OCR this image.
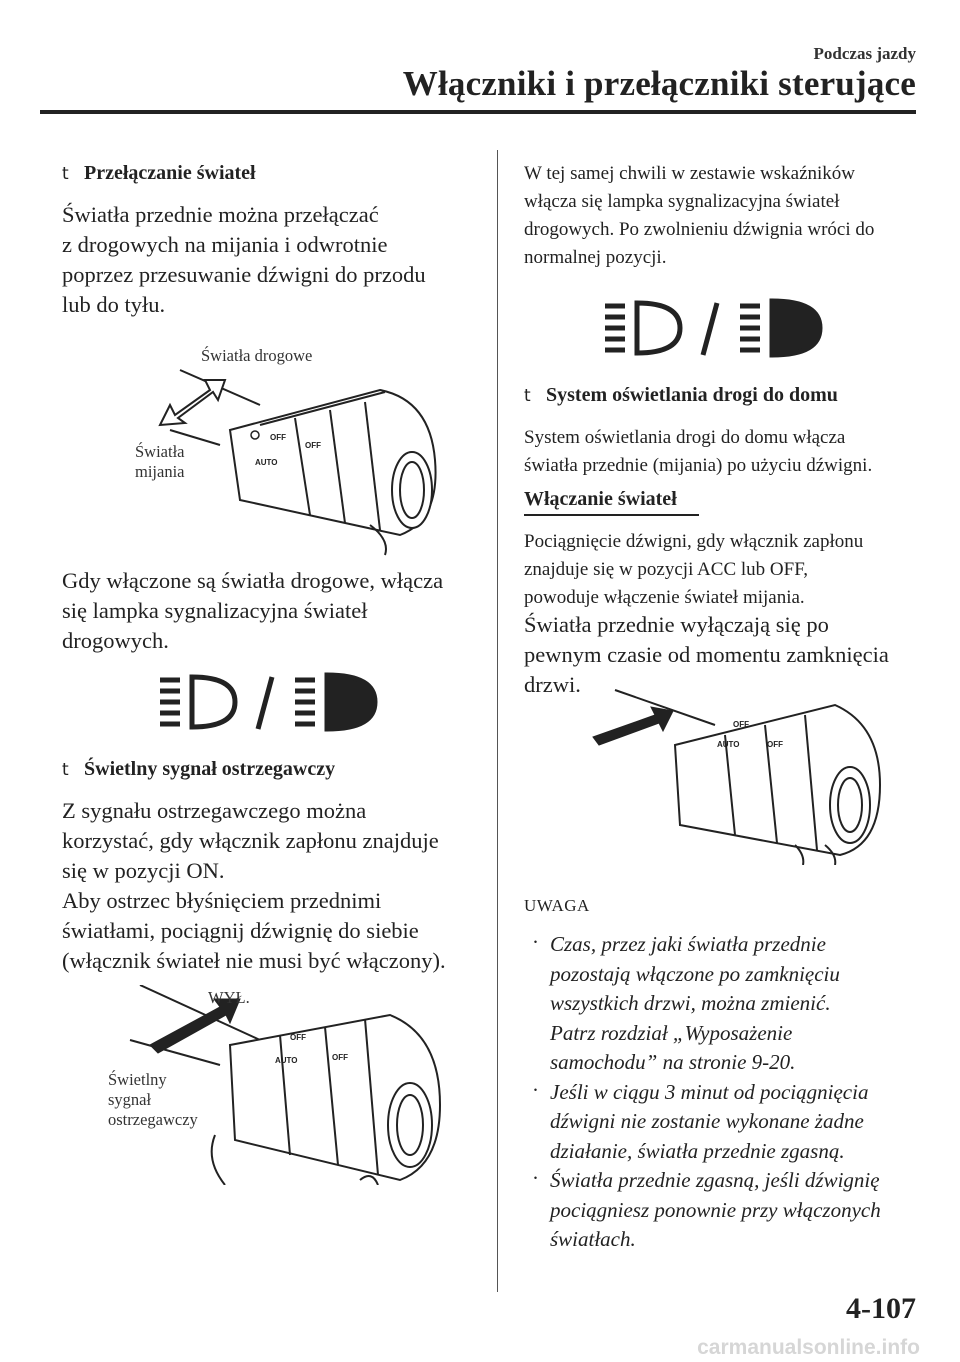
Podczas jazdy
Włączniki i przełączniki sterujące
t Przełączanie świateł
Światła przednie można przełączać
z drogowych na mijania i odwrotnie
poprzez przesuwanie dźwigni do przodu
lub do tyłu.
OFF
OFF
AUTO
Światła drogowe
Światła
mijania
Gdy włączone są światła drogowe, włącza
się lampka sygnalizacyjna świateł
drogowych.
t Świetlny sygnał ostrzegawczy
Z sygnału ostrzegawczego można
korzystać, gdy włącznik zapłonu znajduje
się w pozycji ON.
Aby ostrzec błyśnięciem przednimi
światłami, pociągnij dźwignię do siebie
(włącznik świateł nie musi być włączony).
OFF
OFF
AUTO
WYŁ.
Świetlny
sygnał
ostrzegawczy
W tej samej chwili w zestawie wskaźników
włącza się lampka sygnalizacyjna świateł
drogowych. Po zwolnieniu dźwignia wróci do
normalnej pozycji.
t System oświetlania drogi do domu
System oświetlania drogi do domu włącza
światła przednie (mijania) po użyciu dźwigni.
Włączanie świateł
Pociągnięcie dźwigni, gdy włącznik zapłonu
znajduje się w pozycji ACC lub OFF,
powoduje włączenie świateł mijania.
Światła przednie wyłączają się po
pewnym czasie od momentu zamknięcia
drzwi.
OFF
OFF
AUTO
UWAGA
· Czas, przez jaki światła przednie
pozostają włączone po zamknięciu
wszystkich drzwi, można zmienić.
Patrz rozdział „Wyposażenie
samochodu” na stronie 9-20.
· Jeśli w ciągu 3 minut od pociągnięcia
dźwigni nie zostanie wykonane żadne
działanie, światła przednie zgasną.
· Światła przednie zgasną, jeśli dźwignię
pociągniesz ponownie przy włączonych
światłach.
4-107
carmanualsonline.info
